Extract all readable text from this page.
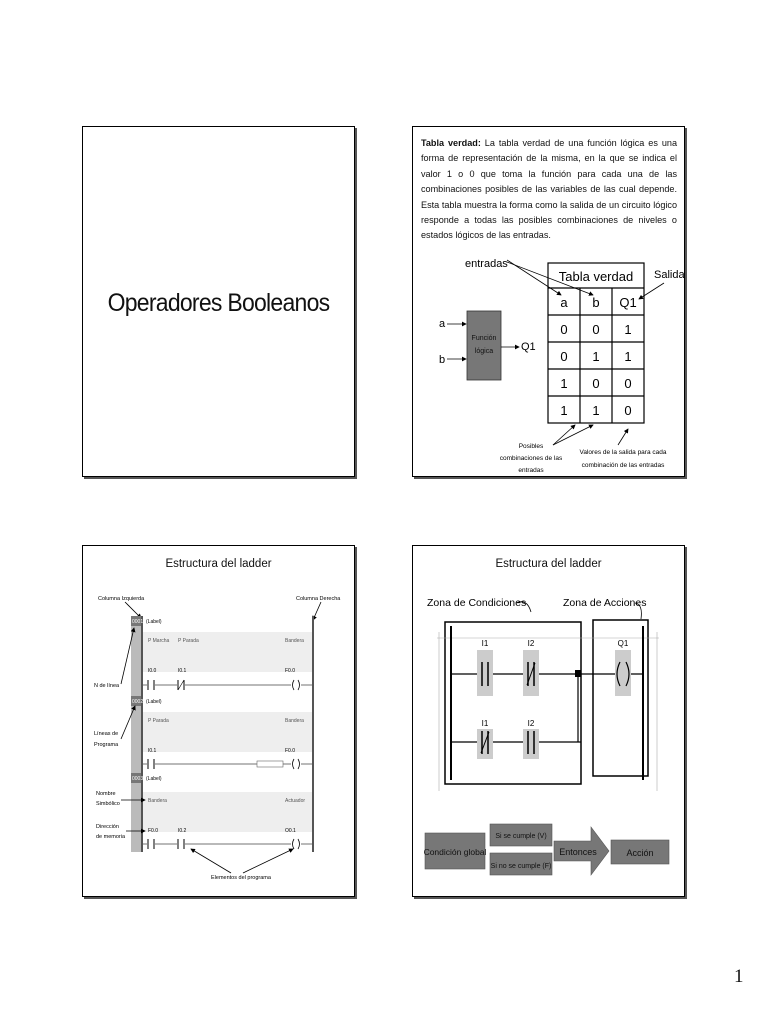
Operadores Booleanos
Tabla verdad: La tabla verdad de una función lógica es una forma de representación de la misma, en la que se indica el valor 1 o 0 que toma la función para cada una de las combinaciones posibles de las variables de las cual depende. Esta tabla muestra la forma como la salida de un circuito lógico responde a todas las posibles combinaciones de niveles o estados lógicos de las entradas.
entradas
Salida
a
b
Función
lógica	Q1
Tabla verdad
a b Q1
0 0 1
0 1 1
1 0 0
1 1 0
Posibles
combinaciones de las
entradas
Valores de la salida para cada
combinación de las entradas
Estructura del ladder
Columna Izquierda	Columna Derecha
0001 (Label)
P Marcha P Parada	Bandera
I0.0	I0.1	F0.0
0002 (Label)
P Parada	Bandera
I0.1	F0.0
0003 (Label)
Bandera	Actuador
F0.0	I0.2	O0.1
N de línea
Líneas de
Programa
Nombre
Simbólico
Dirección
de memoria
Elementos del programa
Estructura del ladder
Zona de Condiciones	Zona de Acciones
I1	I2	Q1
I1	I2
Condición global
Si se cumple (V)
Si no se cumple (F)
Entonces	Acción
1
